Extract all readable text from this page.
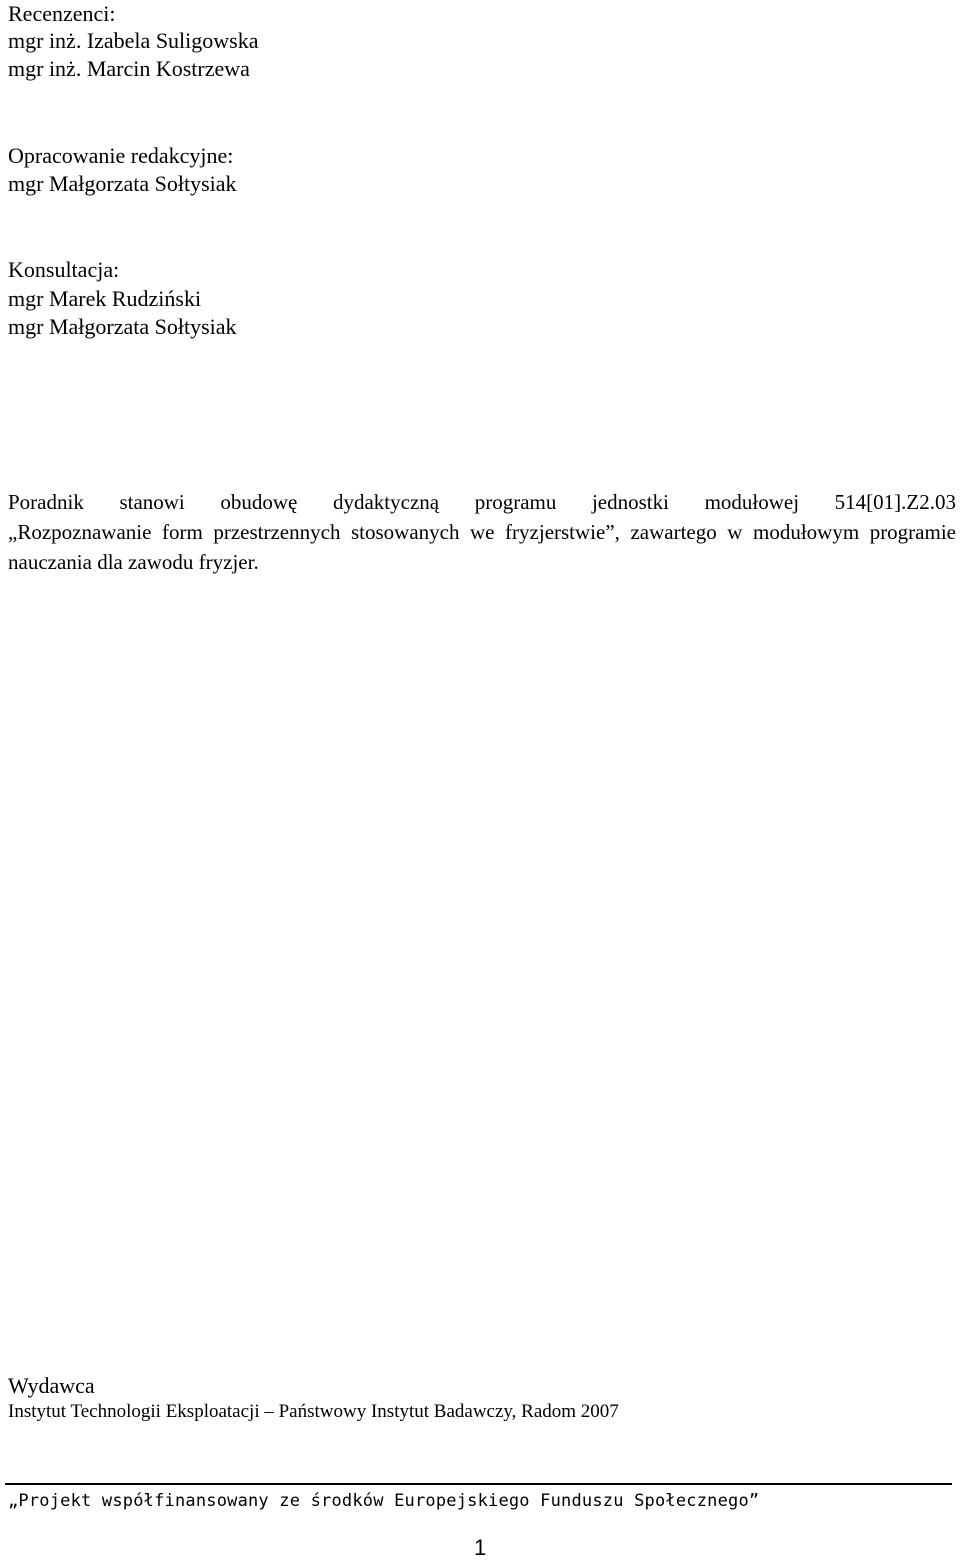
Recenzenci:
mgr inż. Izabela Suligowska
mgr inż. Marcin Kostrzewa
Opracowanie redakcyjne:
mgr Małgorzata Sołtysiak
Konsultacja:
mgr Marek Rudziński
mgr Małgorzata Sołtysiak
Poradnik stanowi obudowę dydaktyczną programu jednostki modułowej 514[01].Z2.03
„Rozpoznawanie form przestrzennych stosowanych we fryzjerstwie”, zawartego w modułowym programie nauczania dla zawodu fryzjer.
Wydawca
Instytut Technologii Eksploatacji – Państwowy Instytut Badawczy, Radom 2007
„Projekt współfinansowany ze środków Europejskiego Funduszu Społecznego”
1
